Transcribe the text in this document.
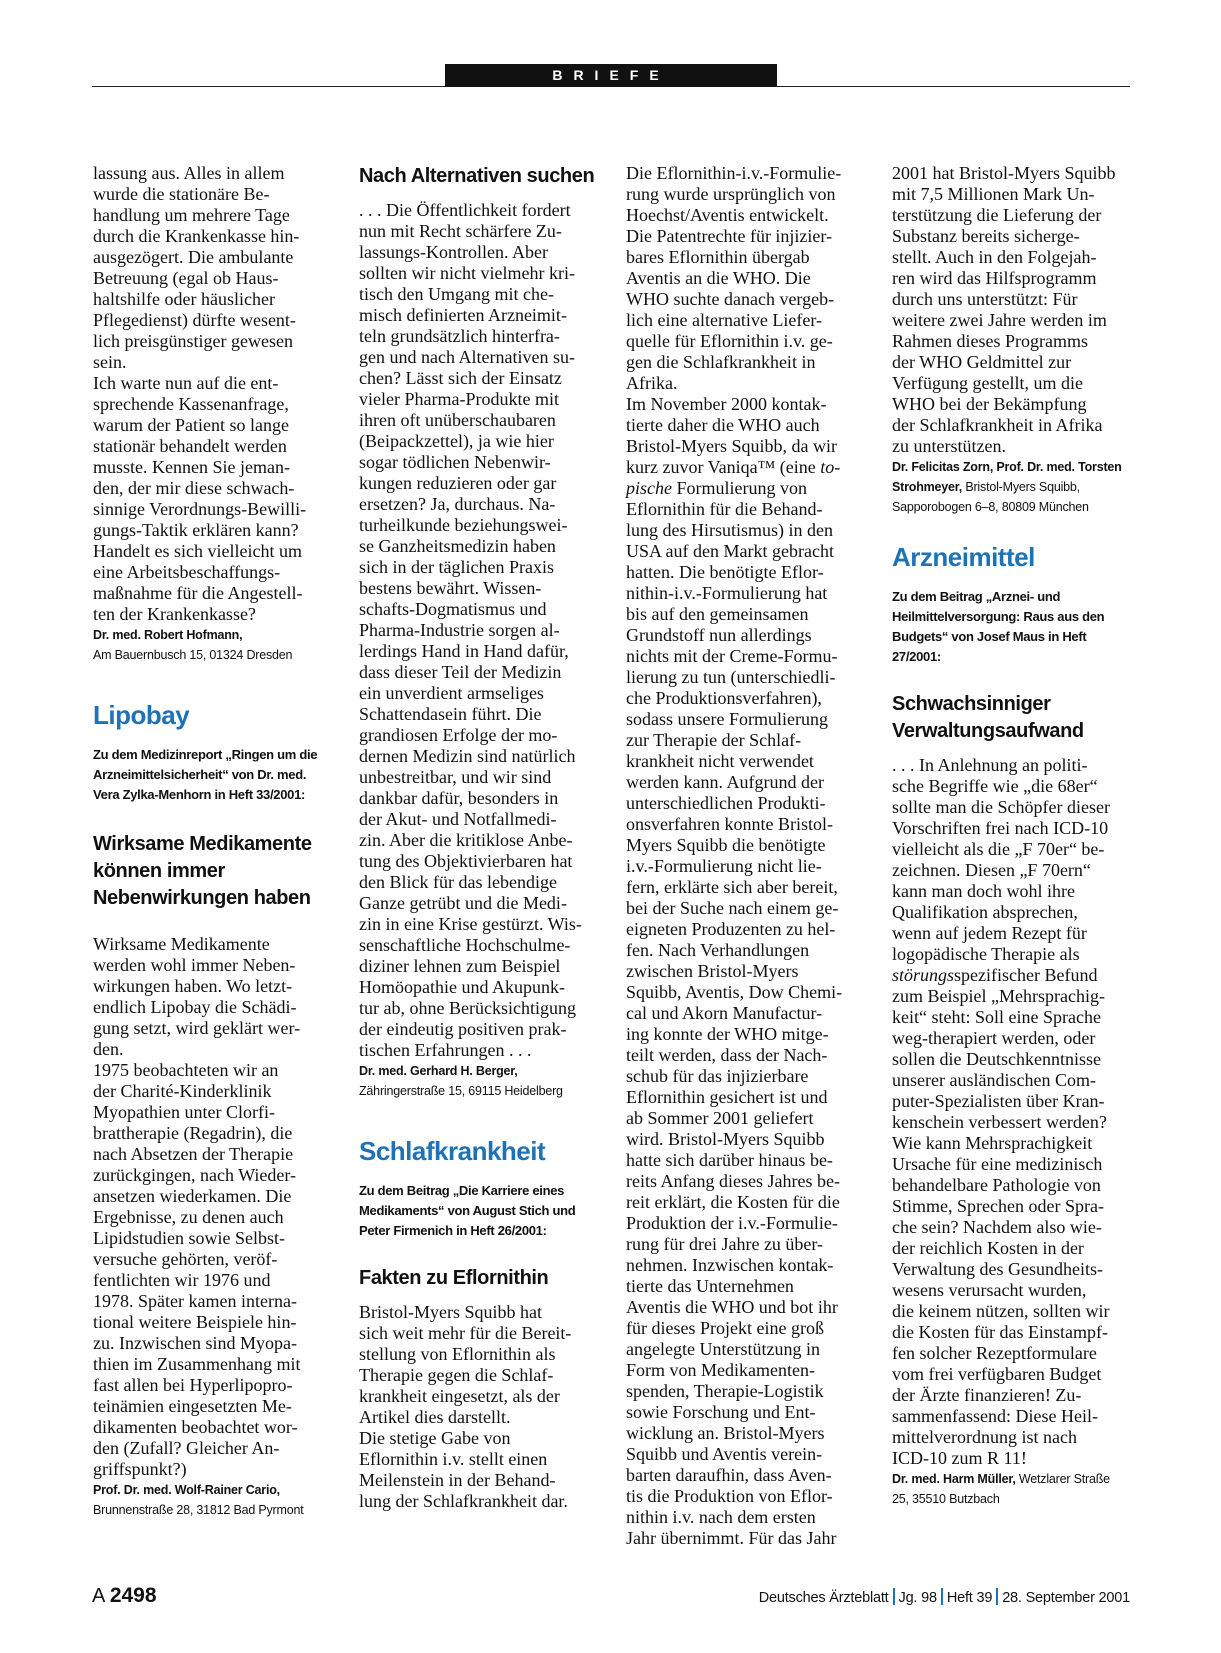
BRIEFE

lassung aus. Alles in allem
wurde die stationäre Be-
handlung um mehrere Tage
durch die Krankenkasse hin-
ausgezögert. Die ambulante
Betreuung (egal ob Haus-
haltshilfe oder häuslicher
Pflegedienst) dürfte wesent-
lich preisgünstiger gewesen
sein.

Ich warte nun auf die ent-
sprechende Kassenanfrage,
warum der Patient so lange
stationär behandelt werden
musste. Kennen Sie jeman-
den, der mir diese schwach-
sinnige Verordnungs-Bewilli-
gungs-Taktik erklären kann?
Handelt es sich vielleicht um
eine Arbeitsbeschaffungs-
maßnahme für die Angestell-
ten der Krankenkasse?

Dr. med. Robert Hofmann,

Am Bauernbusch 15, 01324 Dresden

Lipobay

Zu dem Medizinreport „Ringen um die Arzneimittelsicherheit“ von Dr. med. Vera Zylka-Menhorn in Heft 33/2001:

Wirksame Medikamente können immer Nebenwirkungen haben

Wirksame Medikamente
werden wohl immer Neben-
wirkungen haben. Wo letzt-
endlich Lipobay die Schädi-
gung setzt, wird geklärt wer-
den.

1975 beobachteten wir an
der Charité-Kinderklinik
Myopathien unter Clorfi-
brattherapie (Regadrin), die
nach Absetzen der Therapie
zurückgingen, nach Wieder-
ansetzen wiederkamen. Die
Ergebnisse, zu denen auch
Lipidstudien sowie Selbst-
versuche gehörten, veröf-
fentlichten wir 1976 und
1978. Später kamen interna-
tional weitere Beispiele hin-
zu. Inzwischen sind Myopa-
thien im Zusammenhang mit
fast allen bei Hyperlipopro-
teinämien eingesetzten Me-
dikamenten beobachtet wor-
den (Zufall? Gleicher An-
griffspunkt?)

Prof. Dr. med. Wolf-Rainer Cario,

Brunnenstraße 28, 31812 Bad Pyrmont

Nach Alternativen suchen

. . . Die Öffentlichkeit fordert
nun mit Recht schärfere Zu-
lassungs-Kontrollen. Aber
sollten wir nicht vielmehr kri-
tisch den Umgang mit che-
misch definierten Arzneimit-
teln grundsätzlich hinterfra-
gen und nach Alternativen su-
chen? Lässt sich der Einsatz
vieler Pharma-Produkte mit
ihren oft unüberschaubaren
(Beipackzettel), ja wie hier
sogar tödlichen Nebenwir-
kungen reduzieren oder gar
ersetzen? Ja, durchaus. Na-
turheilkunde beziehungswei-
se Ganzheitsmedizin haben
sich in der täglichen Praxis
bestens bewährt. Wissen-
schafts-Dogmatismus und
Pharma-Industrie sorgen al-
lerdings Hand in Hand dafür,
dass dieser Teil der Medizin
ein unverdient armseliges
Schattendasein führt. Die
grandiosen Erfolge der mo-
dernen Medizin sind natürlich
unbestreitbar, und wir sind
dankbar dafür, besonders in
der Akut- und Notfallmedi-
zin. Aber die kritiklose Anbe-
tung des Objektivierbaren hat
den Blick für das lebendige
Ganze getrübt und die Medi-
zin in eine Krise gestürzt. Wis-
senschaftliche Hochschulme-
diziner lehnen zum Beispiel
Homöopathie und Akupunk-
tur ab, ohne Berücksichtigung
der eindeutig positiven prak-
tischen Erfahrungen . . .

Dr. med. Gerhard H. Berger,

Zähringerstraße 15, 69115 Heidelberg

Schlafkrankheit

Zu dem Beitrag „Die Karriere eines Medikaments“ von August Stich und Peter Firmenich in Heft 26/2001:

Fakten zu Eflornithin

Bristol-Myers Squibb hat
sich weit mehr für die Bereit-
stellung von Eflornithin als
Therapie gegen die Schlaf-
krankheit eingesetzt, als der
Artikel dies darstellt.

Die stetige Gabe von
Eflornithin i.v. stellt einen
Meilenstein in der Behand-
lung der Schlafkrankheit dar.

Die Eflornithin-i.v.-Formulie-
rung wurde ursprünglich von
Hoechst/Aventis entwickelt.
Die Patentrechte für injizier-
bares Eflornithin übergab
Aventis an die WHO. Die
WHO suchte danach vergeb-
lich eine alternative Liefer-
quelle für Eflornithin i.v. ge-
gen die Schlafkrankheit in
Afrika.

Im November 2000 kontak-
tierte daher die WHO auch
Bristol-Myers Squibb, da wir
kurz zuvor Vaniqa™ (eine to-
pische Formulierung von
Eflornithin für die Behand-
lung des Hirsutismus) in den
USA auf den Markt gebracht
hatten. Die benötigte Eflor-
nithin-i.v.-Formulierung hat
bis auf den gemeinsamen
Grundstoff nun allerdings
nichts mit der Creme-Formu-
lierung zu tun (unterschiedli-
che Produktionsverfahren),
sodass unsere Formulierung
zur Therapie der Schlaf-
krankheit nicht verwendet
werden kann. Aufgrund der
unterschiedlichen Produkti-
onsverfahren konnte Bristol-
Myers Squibb die benötigte
i.v.-Formulierung nicht lie-
fern, erklärte sich aber bereit,
bei der Suche nach einem ge-
eigneten Produzenten zu hel-
fen. Nach Verhandlungen
zwischen Bristol-Myers
Squibb, Aventis, Dow Chemi-
cal und Akorn Manufactur-
ing konnte der WHO mitge-
teilt werden, dass der Nach-
schub für das injizierbare
Eflornithin gesichert ist und
ab Sommer 2001 geliefert
wird. Bristol-Myers Squibb
hatte sich darüber hinaus be-
reits Anfang dieses Jahres be-
reit erklärt, die Kosten für die
Produktion der i.v.-Formulie-
rung für drei Jahre zu über-
nehmen. Inzwischen kontak-
tierte das Unternehmen
Aventis die WHO und bot ihr
für dieses Projekt eine groß
angelegte Unterstützung in
Form von Medikamenten-
spenden, Therapie-Logistik
sowie Forschung und Ent-
wicklung an. Bristol-Myers
Squibb und Aventis verein-
barten daraufhin, dass Aven-
tis die Produktion von Eflor-
nithin i.v. nach dem ersten
Jahr übernimmt. Für das Jahr

2001 hat Bristol-Myers Squibb
mit 7,5 Millionen Mark Un-
terstützung die Lieferung der
Substanz bereits sicherge-
stellt. Auch in den Folgejah-
ren wird das Hilfsprogramm
durch uns unterstützt: Für
weitere zwei Jahre werden im
Rahmen dieses Programms
der WHO Geldmittel zur
Verfügung gestellt, um die
WHO bei der Bekämpfung
der Schlafkrankheit in Afrika
zu unterstützen.

Dr. Felicitas Zorn, Prof. Dr. med. Torsten Strohmeyer, Bristol-Myers Squibb, Sapporobogen 6–8, 80809 München

Arzneimittel

Zu dem Beitrag „Arznei- und Heilmittelversorgung: Raus aus den Budgets“ von Josef Maus in Heft 27/2001:

Schwachsinniger Verwaltungsaufwand

. . . In Anlehnung an politi-
sche Begriffe wie „die 68er“
sollte man die Schöpfer dieser
Vorschriften frei nach ICD-10
vielleicht als die „F 70er“ be-
zeichnen. Diesen „F 70ern“
kann man doch wohl ihre
Qualifikation absprechen,
wenn auf jedem Rezept für
logopädische Therapie als
störungsspezifischer Befund
zum Beispiel „Mehrsprachig-
keit“ steht: Soll eine Sprache
weg-therapiert werden, oder
sollen die Deutschkenntnisse
unserer ausländischen Com-
puter-Spezialisten über Kran-
kenschein verbessert werden?
Wie kann Mehrsprachigkeit
Ursache für eine medizinisch
behandelbare Pathologie von
Stimme, Sprechen oder Spra-
che sein? Nachdem also wie-
der reichlich Kosten in der
Verwaltung des Gesundheits-
wesens verursacht wurden,
die keinem nützen, sollten wir
die Kosten für das Einstampf-
fen solcher Rezeptformulare
vom frei verfügbaren Budget
der Ärzte finanzieren! Zu-
sammenfassend: Diese Heil-
mittelverordnung ist nach
ICD-10 zum R 11!

Dr. med. Harm Müller, Wetzlarer Straße 25, 35510 Butzbach

A 2498	Deutsches Ärzteblatt Jg. 98 Heft 39 28. September 2001
